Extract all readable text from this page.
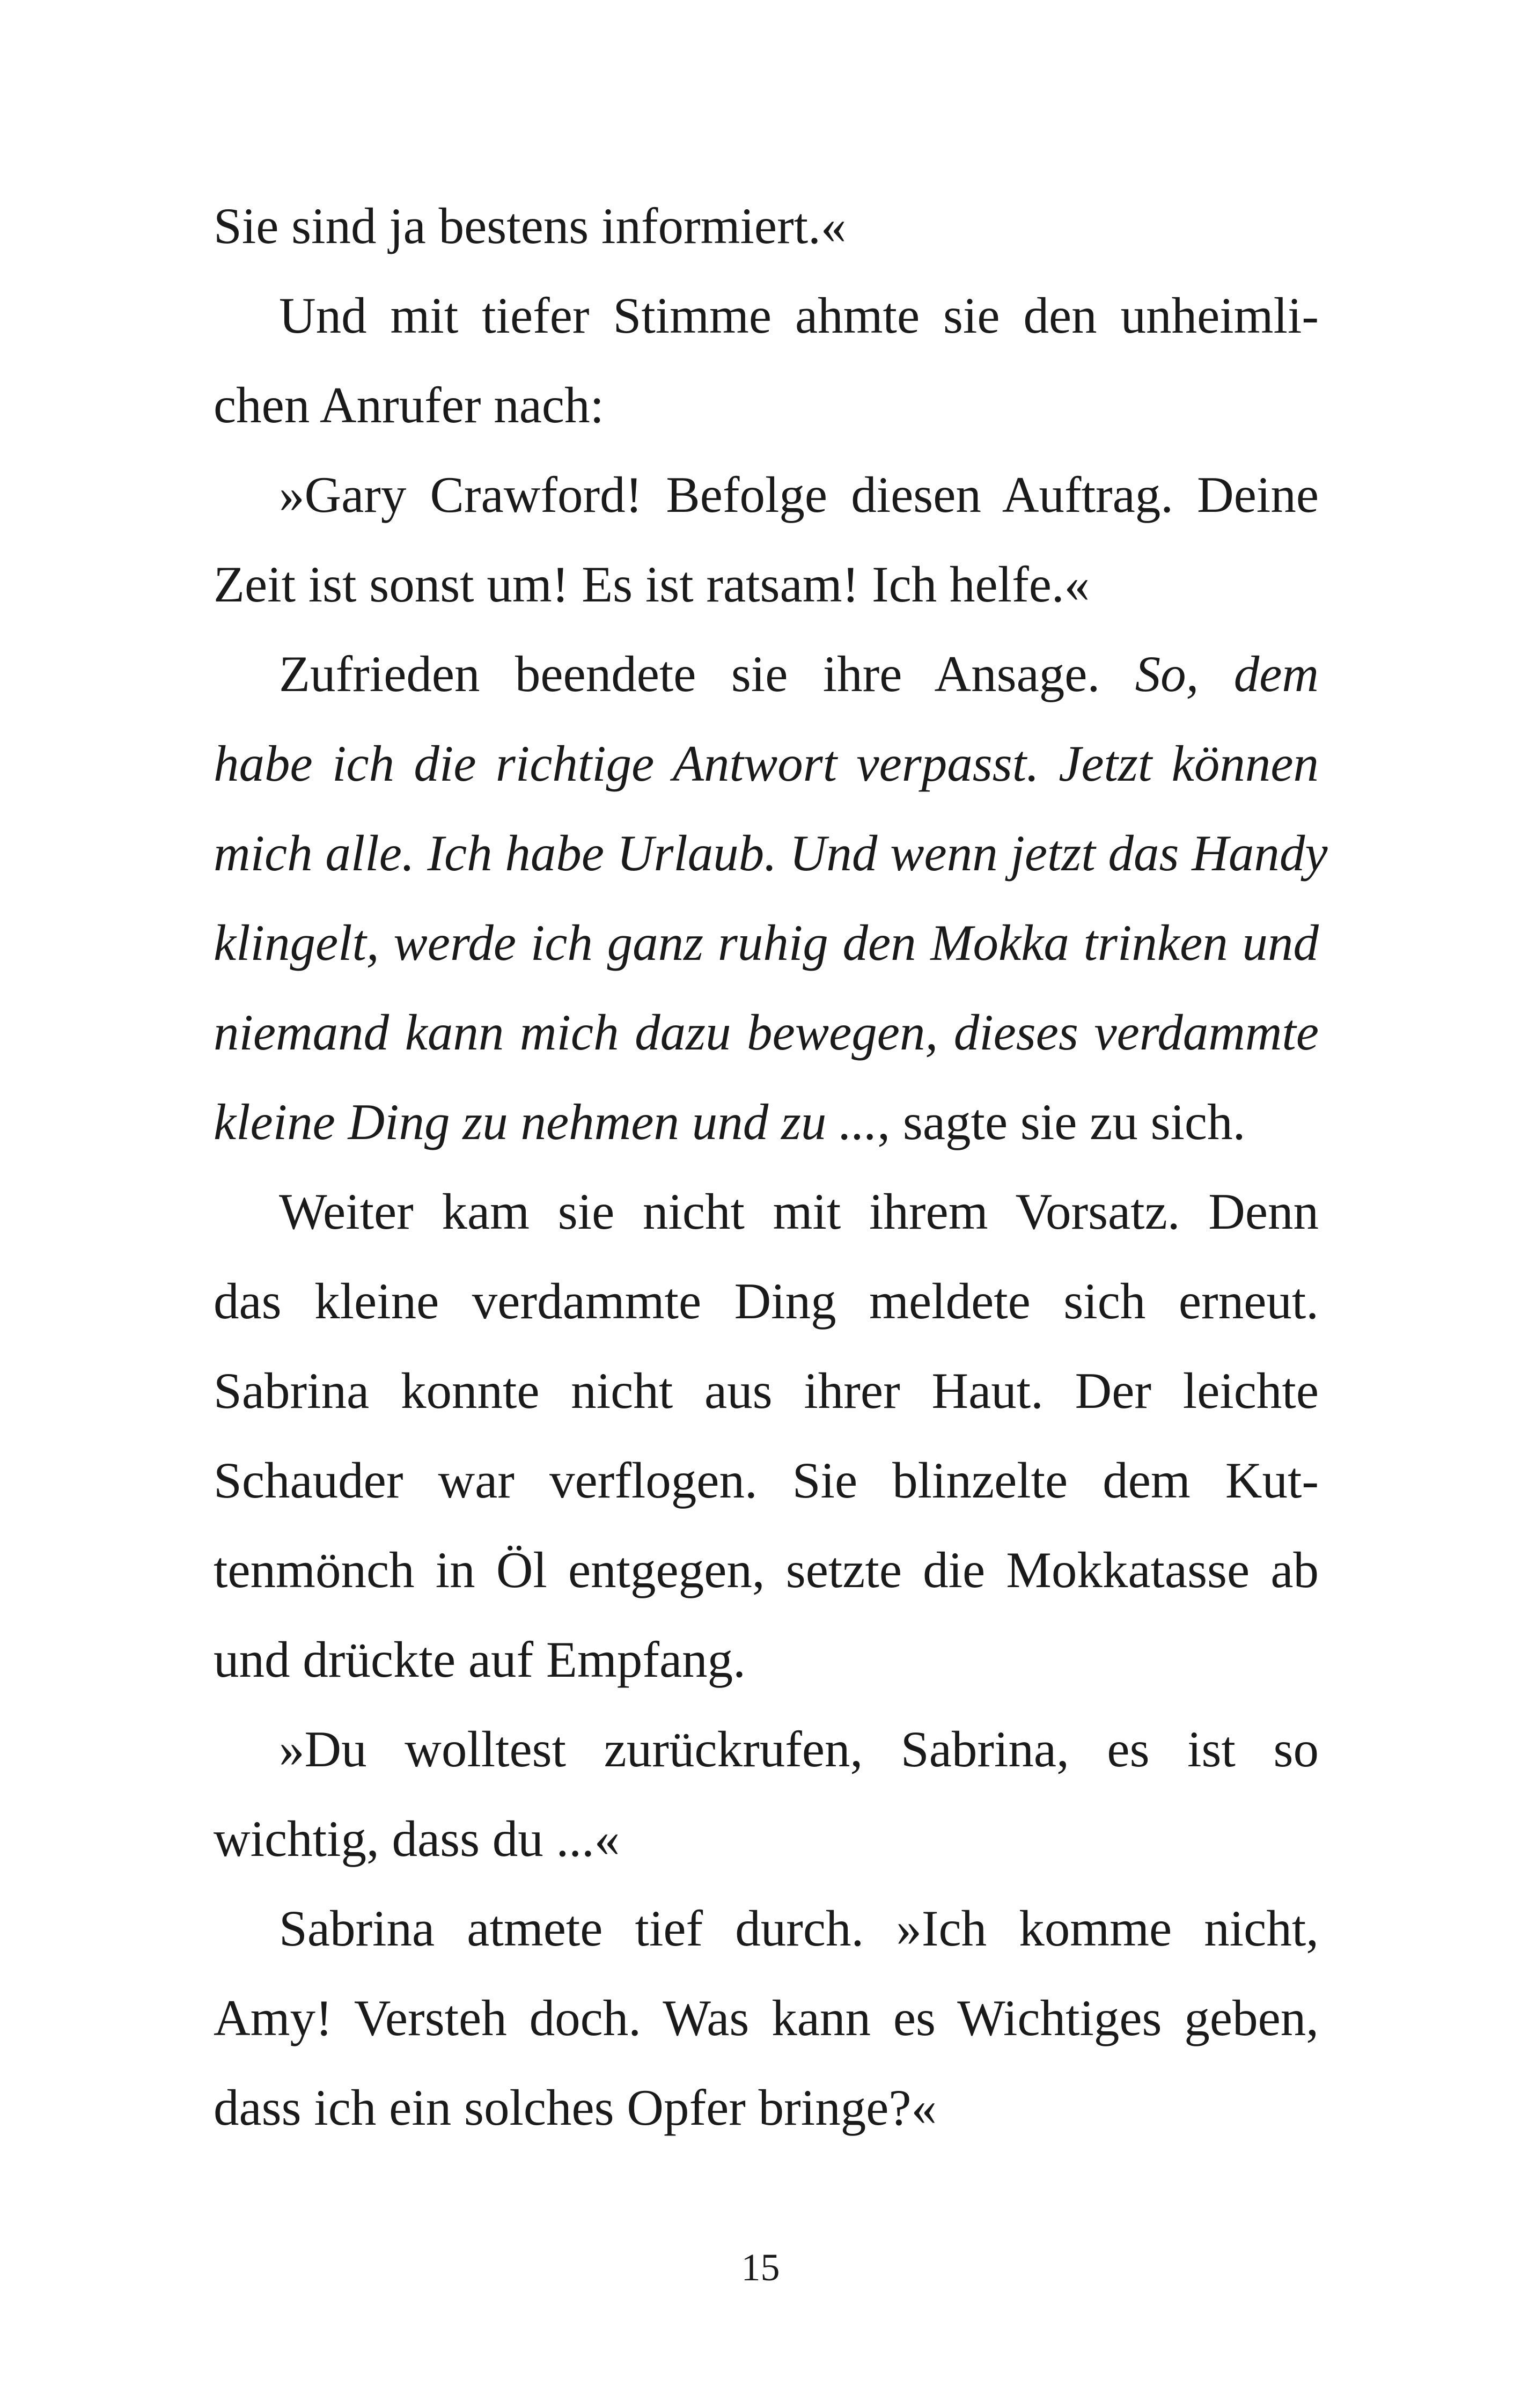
Sie sind ja bestens informiert.«
Und mit tiefer Stimme ahmte sie den unheimli-
chen Anrufer nach:
»Gary Crawford! Befolge diesen Auftrag. Deine
Zeit ist sonst um! Es ist ratsam! Ich helfe.«
Zufrieden beendete sie ihre Ansage. So, dem
habe ich die richtige Antwort verpasst. Jetzt können
mich alle. Ich habe Urlaub. Und wenn jetzt das Handy
klingelt, werde ich ganz ruhig den Mokka trinken und
niemand kann mich dazu bewegen, dieses verdammte
kleine Ding zu nehmen und zu ..., sagte sie zu sich.
Weiter kam sie nicht mit ihrem Vorsatz. Denn
das kleine verdammte Ding meldete sich erneut.
Sabrina konnte nicht aus ihrer Haut. Der leichte
Schauder war verflogen. Sie blinzelte dem Kut-
tenmönch in Öl entgegen, setzte die Mokkatasse ab
und drückte auf Empfang.
»Du wolltest zurückrufen, Sabrina, es ist so
wichtig, dass du ...«
Sabrina atmete tief durch. »Ich komme nicht,
Amy! Versteh doch. Was kann es Wichtiges geben,
dass ich ein solches Opfer bringe?«
15
